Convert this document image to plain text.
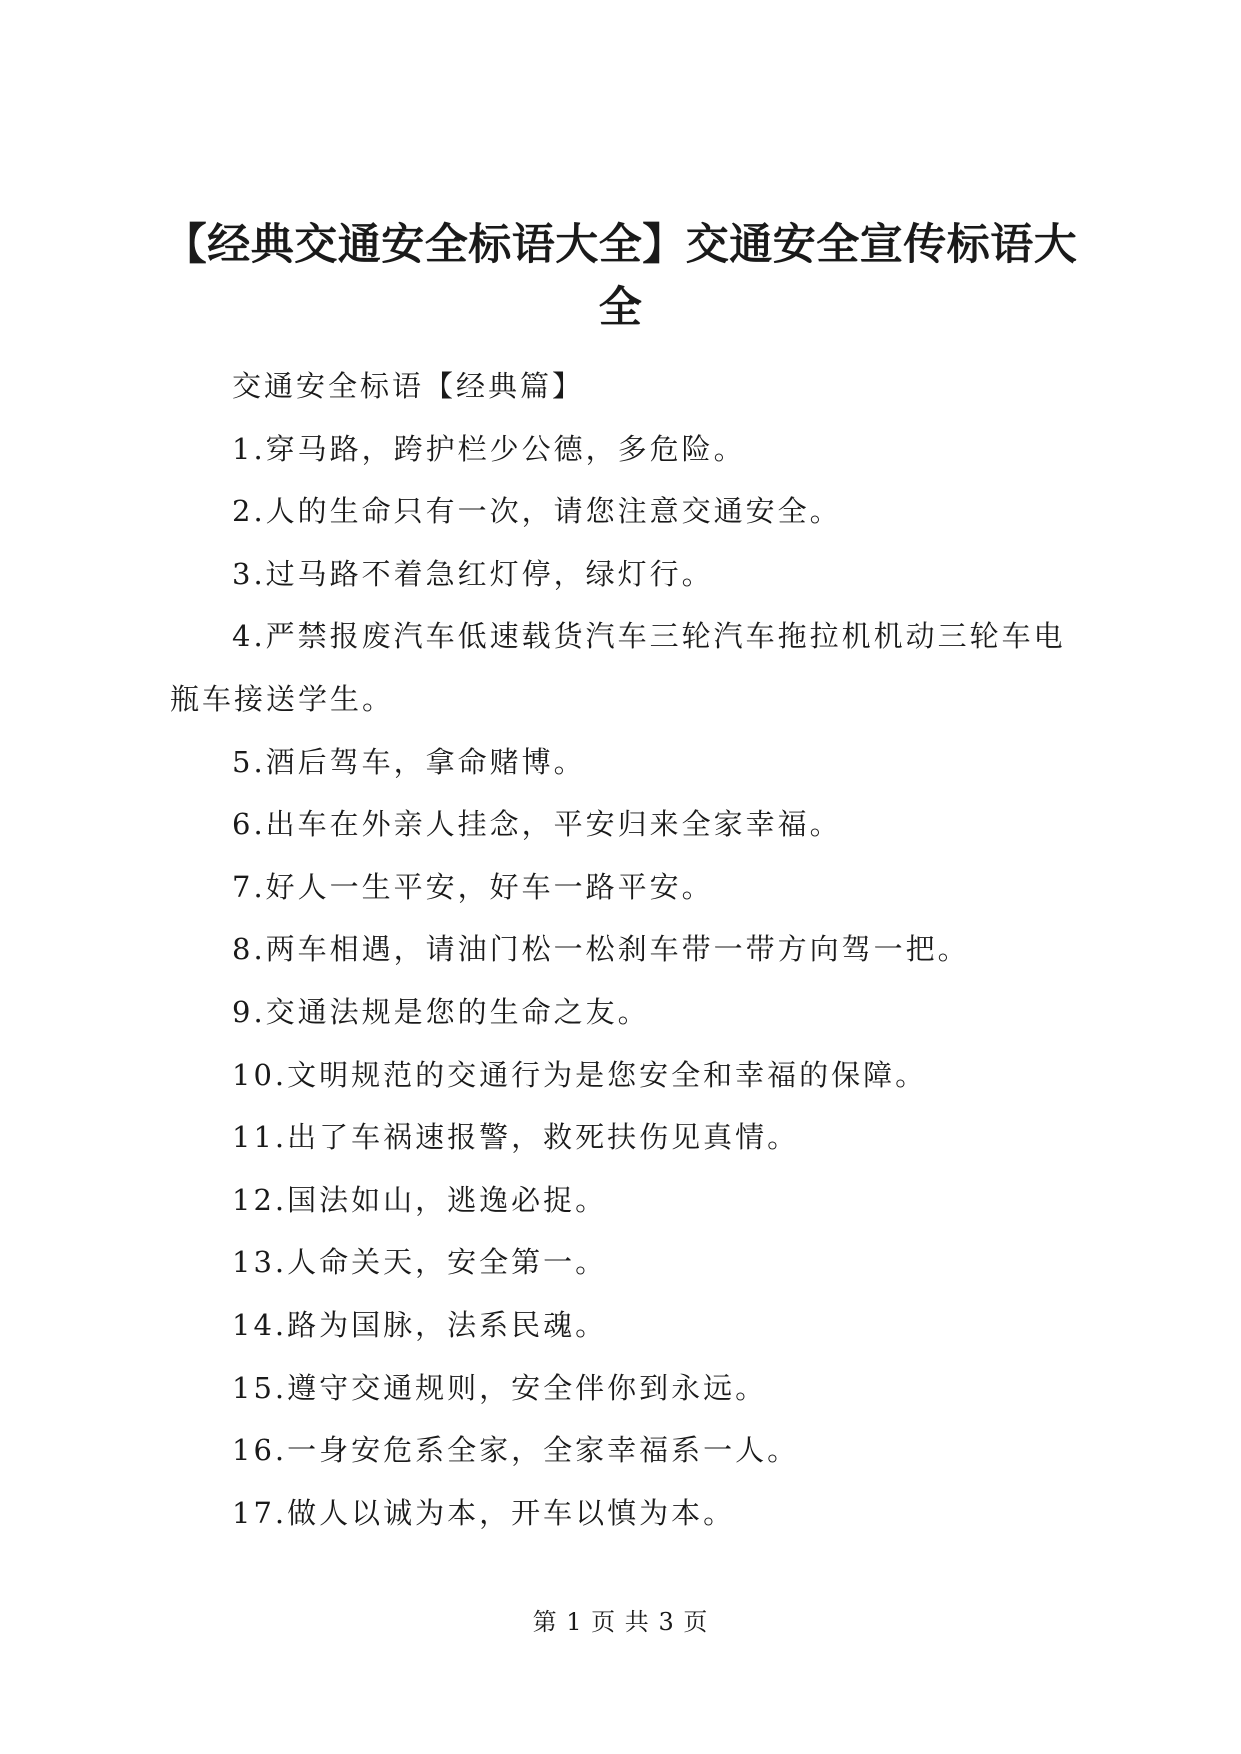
【经典交通安全标语大全】交通安全宣传标语大全

交通安全标语【经典篇】

1.穿马路，跨护栏少公德，多危险。

2.人的生命只有一次，请您注意交通安全。

3.过马路不着急红灯停，绿灯行。

4.严禁报废汽车低速载货汽车三轮汽车拖拉机机动三轮车电瓶车接送学生。

5.酒后驾车，拿命赌博。

6.出车在外亲人挂念，平安归来全家幸福。

7.好人一生平安，好车一路平安。

8.两车相遇，请油门松一松刹车带一带方向驾一把。

9.交通法规是您的生命之友。

10.文明规范的交通行为是您安全和幸福的保障。

11.出了车祸速报警，救死扶伤见真情。

12.国法如山，逃逸必捉。

13.人命关天，安全第一。

14.路为国脉，法系民魂。

15.遵守交通规则，安全伴你到永远。

16.一身安危系全家，全家幸福系一人。

17.做人以诚为本，开车以慎为本。

第 1 页 共 3 页
